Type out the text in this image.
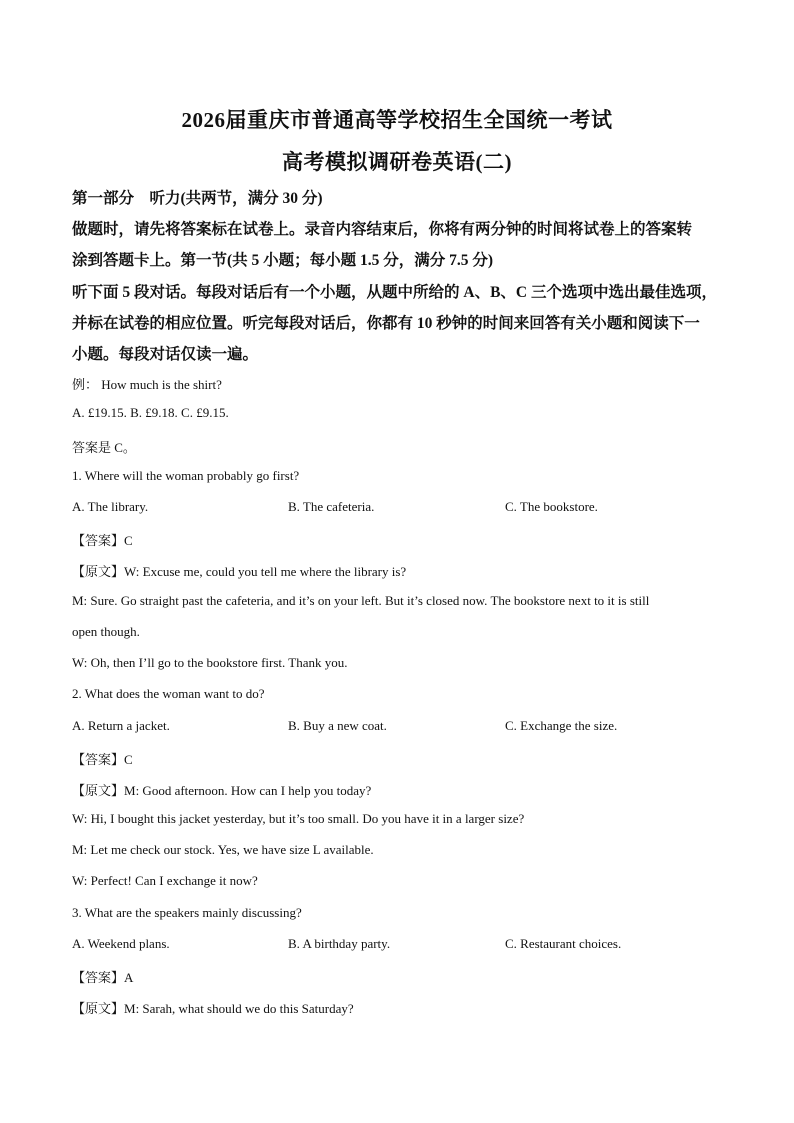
2026届重庆市普通高等学校招生全国统一考试
高考模拟调研卷英语(二)
第一部分　听力(共两节，满分 30 分)
做题时，请先将答案标在试卷上。录音内容结束后，你将有两分钟的时间将试卷上的答案转
涂到答题卡上。第一节(共 5 小题；每小题 1.5 分，满分 7.5 分)
听下面 5 段对话。每段对话后有一个小题，从题中所给的 A、B、C 三个选项中选出最佳选项，
并标在试卷的相应位置。听完每段对话后，你都有 10 秒钟的时间来回答有关小题和阅读下一
小题。每段对话仅读一遍。
例： How much is the shirt?
A. £19.15. B. £9.18. C. £9.15.
答案是 C。
1. Where will the woman probably go first?
A. The library.	B. The cafeteria.	C. The bookstore.
【答案】C
【原文】W: Excuse me, could you tell me where the library is?
M: Sure. Go straight past the cafeteria, and it’s on your left. But it’s closed now. The bookstore next to it is still
open though.
W: Oh, then I’ll go to the bookstore first. Thank you.
2. What does the woman want to do?
A. Return a jacket.	B. Buy a new coat.	C. Exchange the size.
【答案】C
【原文】M: Good afternoon. How can I help you today?
W: Hi, I bought this jacket yesterday, but it’s too small. Do you have it in a larger size?
M: Let me check our stock. Yes, we have size L available.
W: Perfect! Can I exchange it now?
3. What are the speakers mainly discussing?
A. Weekend plans.	B. A birthday party.	C. Restaurant choices.
【答案】A
【原文】M: Sarah, what should we do this Saturday?
